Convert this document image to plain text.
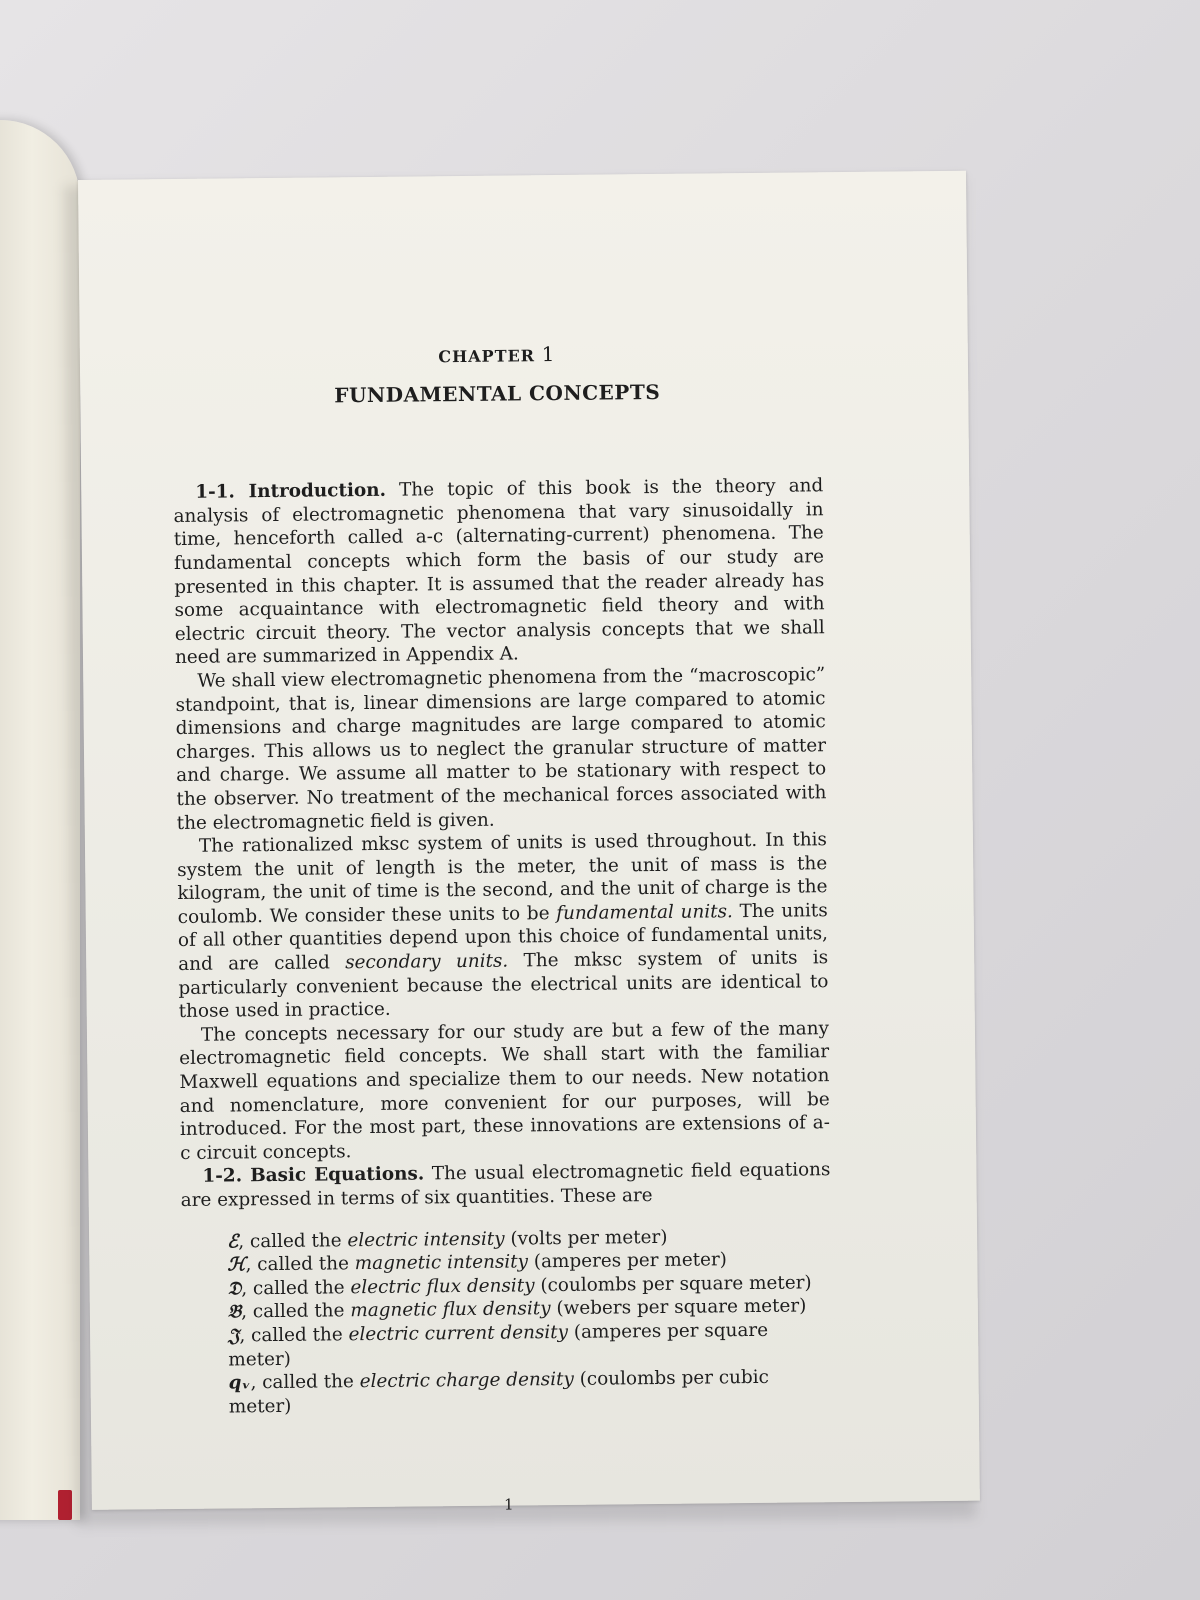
CHAPTER 1
FUNDAMENTAL CONCEPTS

1-1. Introduction. The topic of this book is the theory and analysis of electromagnetic phenomena that vary sinusoidally in time, henceforth called a-c (alternating-current) phenomena. The fundamental concepts which form the basis of our study are presented in this chapter. It is assumed that the reader already has some acquaintance with electromagnetic field theory and with electric circuit theory. The vector analysis concepts that we shall need are summarized in Appendix A.

We shall view electromagnetic phenomena from the “macroscopic” standpoint, that is, linear dimensions are large compared to atomic dimensions and charge magnitudes are large compared to atomic charges. This allows us to neglect the granular structure of matter and charge. We assume all matter to be stationary with respect to the observer. No treatment of the mechanical forces associated with the electromagnetic field is given.

The rationalized mksc system of units is used throughout. In this system the unit of length is the meter, the unit of mass is the kilogram, the unit of time is the second, and the unit of charge is the coulomb. We consider these units to be fundamental units. The units of all other quantities depend upon this choice of fundamental units, and are called secondary units. The mksc system of units is particularly convenient because the electrical units are identical to those used in practice.

The concepts necessary for our study are but a few of the many electromagnetic field concepts. We shall start with the familiar Maxwell equations and specialize them to our needs. New notation and nomenclature, more convenient for our purposes, will be introduced. For the most part, these innovations are extensions of a-c circuit concepts.

1-2. Basic Equations. The usual electromagnetic field equations are expressed in terms of six quantities. These are

ℰ, called the electric intensity (volts per meter)
ℋ, called the magnetic intensity (amperes per meter)
𝔇, called the electric flux density (coulombs per square meter)
𝔅, called the magnetic flux density (webers per square meter)
𝔍, called the electric current density (amperes per square meter)
qᵥ, called the electric charge density (coulombs per cubic meter)
1
